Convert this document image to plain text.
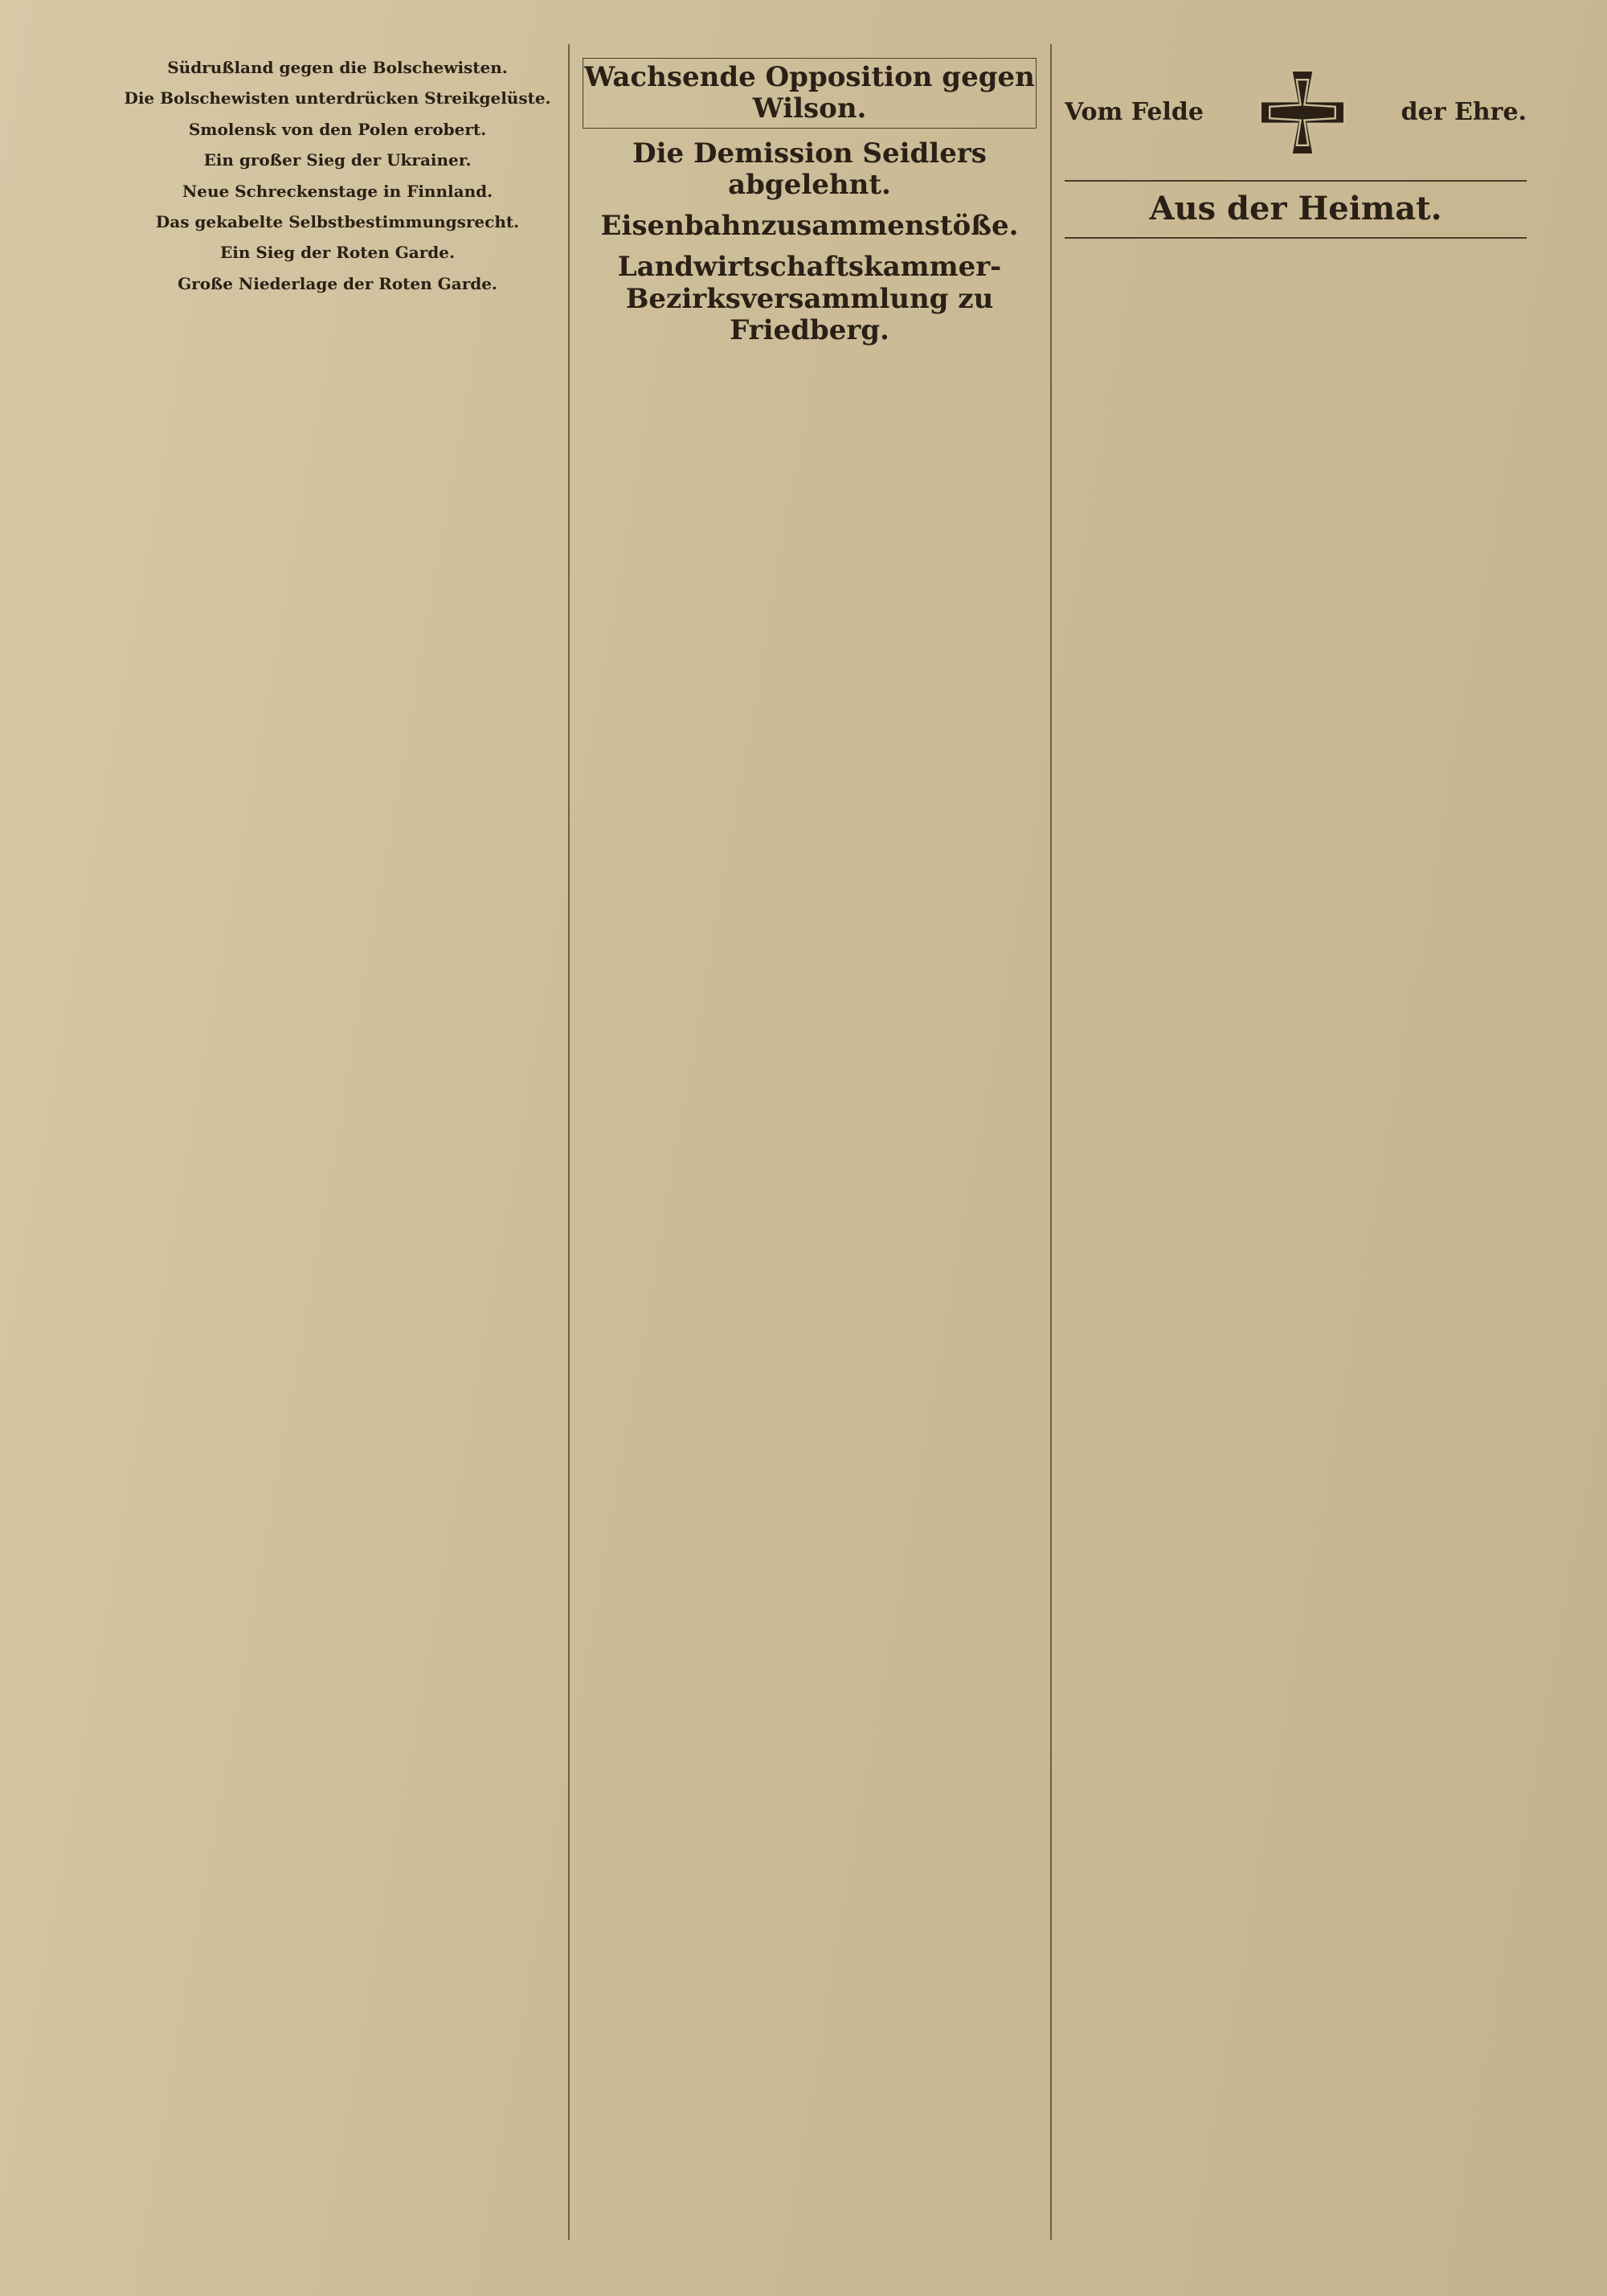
Südrußland gegen die Bolschewisten.
Die Bolschewisten unterdrücken Streikgelüste.
Smolensk von den Polen erobert.
Ein großer Sieg der Ukrainer.
Neue Schreckenstage in Finnland.
Das gekabelte Selbstbestimmungsrecht.
Ein Sieg der Roten Garde.
Große Niederlage der Roten Garde.
Wachsende Opposition gegen Wilson.
Die Demission Seidlers abgelehnt.
Eisenbahnzusammenstöße.
Landwirtschaftskammer-Bezirksversammlung zu Friedberg.
Vom Felde	der Ehre.
Aus der Heimat.
